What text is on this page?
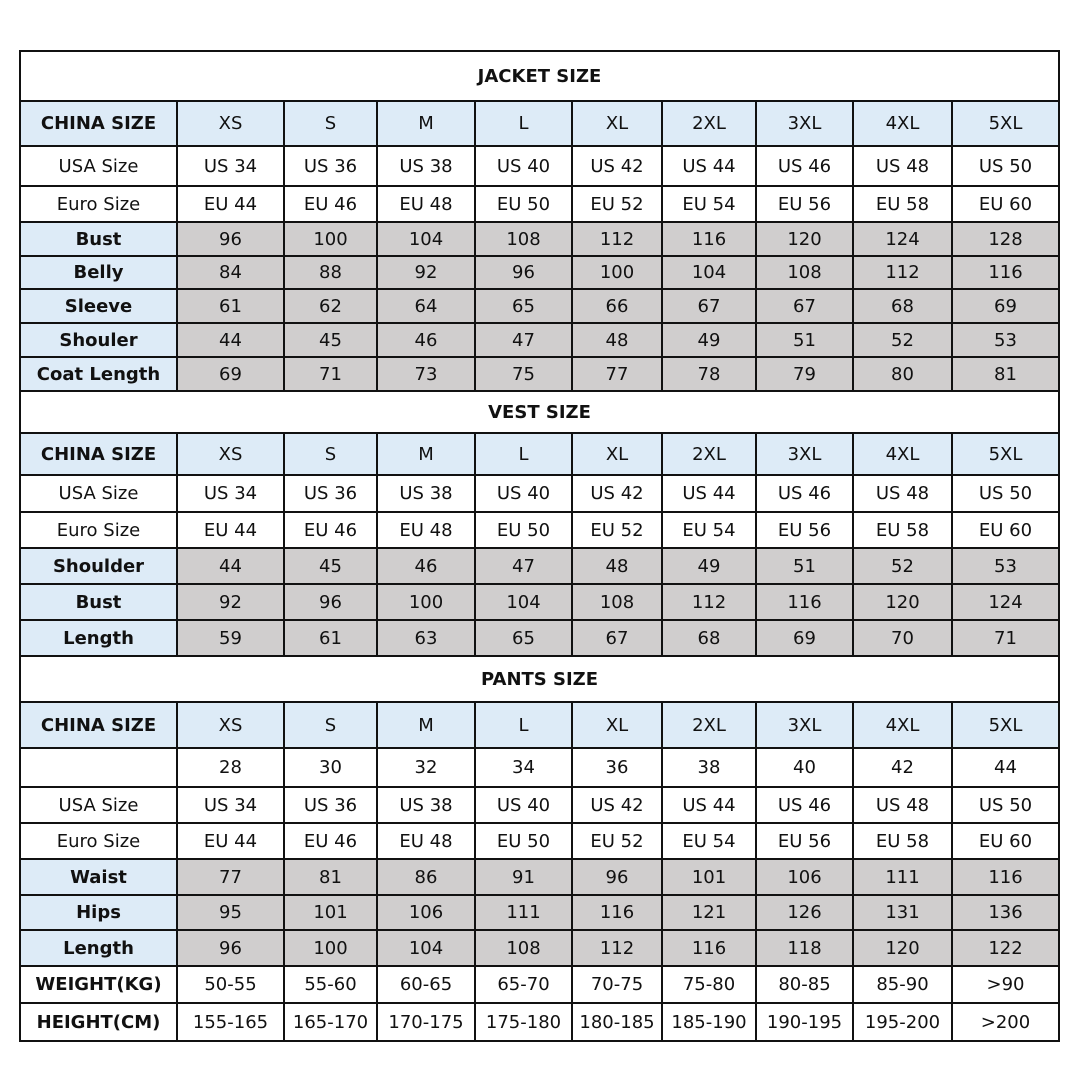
JACKET SIZE									
CHINA SIZE	XS	S	M	L	XL	2XL	3XL	4XL	5XL
USA Size	US 34	US 36	US 38	US 40	US 42	US 44	US 46	US 48	US 50
Euro Size	EU 44	EU 46	EU 48	EU 50	EU 52	EU 54	EU 56	EU 58	EU 60
Bust	96	100	104	108	112	116	120	124	128
Belly	84	88	92	96	100	104	108	112	116
Sleeve	61	62	64	65	66	67	67	68	69
Shouler	44	45	46	47	48	49	51	52	53
Coat Length	69	71	73	75	77	78	79	80	81
VEST SIZE									
CHINA SIZE	XS	S	M	L	XL	2XL	3XL	4XL	5XL
USA Size	US 34	US 36	US 38	US 40	US 42	US 44	US 46	US 48	US 50
Euro Size	EU 44	EU 46	EU 48	EU 50	EU 52	EU 54	EU 56	EU 58	EU 60
Shoulder	44	45	46	47	48	49	51	52	53
Bust	92	96	100	104	108	112	116	120	124
Length	59	61	63	65	67	68	69	70	71
PANTS SIZE									
CHINA SIZE	XS	S	M	L	XL	2XL	3XL	4XL	5XL
	28	30	32	34	36	38	40	42	44
USA Size	US 34	US 36	US 38	US 40	US 42	US 44	US 46	US 48	US 50
Euro Size	EU 44	EU 46	EU 48	EU 50	EU 52	EU 54	EU 56	EU 58	EU 60
Waist	77	81	86	91	96	101	106	111	116
Hips	95	101	106	111	116	121	126	131	136
Length	96	100	104	108	112	116	118	120	122
WEIGHT(KG)	50-55	55-60	60-65	65-70	70-75	75-80	80-85	85-90	>90
HEIGHT(CM)	155-165	165-170	170-175	175-180	180-185	185-190	190-195	195-200	>200
